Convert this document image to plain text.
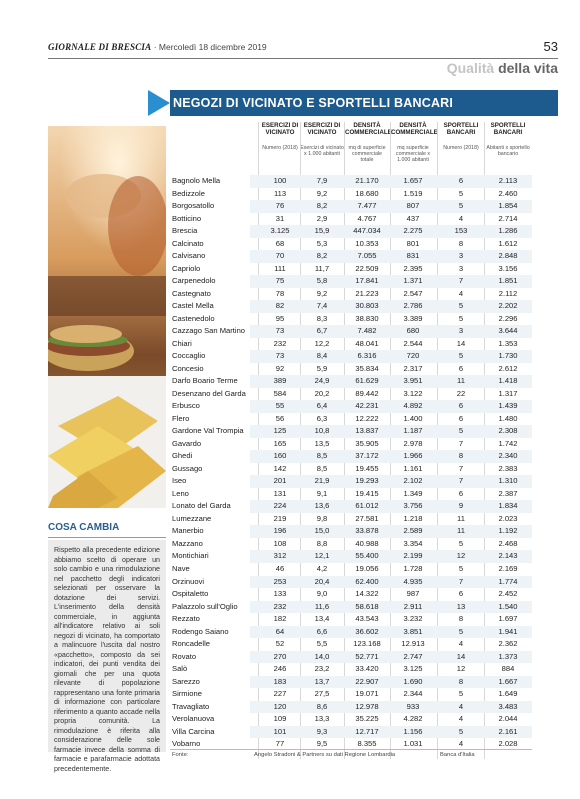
GIORNALE DI BRESCIA · Mercoledì 18 dicembre 2019	53
Qualità della vita
NEGOZI DI VICINATO E SPORTELLI BANCARI
COSA CAMBIA
Rispetto alla precedente edizione abbiamo scelto di operare un solo cambio e una rimodulazione nel pacchetto degli indicatori selezionati per osservare la dotazione dei servizi. L'inserimento della densità commerciale, in aggiunta all'indicatore relativo ai soli negozi di vicinato, ha comportato a malincuore l'uscita dal nostro «pacchetto», composto da sei indicatori, dei punti vendita dei giornali che per una quota rilevante di popolazione rappresentano una fonte primaria di informazione con particolare riferimento a quanto accade nella propria comunità. La rimodulazione è riferita alla considerazione delle sole farmacie invece della somma di farmacie e parafarmacie adottata precedentemente.
ESERCIZI DI VICINATO
Numero (2018)
ESERCIZI DI VICINATO
Esercizi di vicinato x 1.000 abitanti
DENSITÀ COMMERCIALE
mq di superficie commerciale totale
DENSITÀ COMMERCIALE
mq superficie commerciale x 1.000 abitanti
SPORTELLI BANCARI
Numero (2018)
SPORTELLI BANCARI
Abitanti x sportello bancario
Bagnolo Mella	100	7,9	21.170	1.657	6	2.113
Bedizzole	113	9,2	18.680	1.519	5	2.460
Borgosatollo	76	8,2	7.477	807	5	1.854
Botticino	31	2,9	4.767	437	4	2.714
Brescia	3.125	15,9	447.034	2.275	153	1.286
Calcinato	68	5,3	10.353	801	8	1.612
Calvisano	70	8,2	7.055	831	3	2.848
Capriolo	111	11,7	22.509	2.395	3	3.156
Carpenedolo	75	5,8	17.841	1.371	7	1.851
Castegnato	78	9,2	21.223	2.547	4	2.112
Castel Mella	82	7,4	30.803	2.786	5	2.202
Castenedolo	95	8,3	38.830	3.389	5	2.296
Cazzago San Martino	73	6,7	7.482	680	3	3.644
Chiari	232	12,2	48.041	2.544	14	1.353
Coccaglio	73	8,4	6.316	720	5	1.730
Concesio	92	5,9	35.834	2.317	6	2.612
Darfo Boario Terme	389	24,9	61.629	3.951	11	1.418
Desenzano del Garda	584	20,2	89.442	3.122	22	1.317
Erbusco	55	6,4	42.231	4.892	6	1.439
Flero	56	6,3	12.222	1.400	6	1.480
Gardone Val Trompia	125	10,8	13.837	1.187	5	2.308
Gavardo	165	13,5	35.905	2.978	7	1.742
Ghedi	160	8,5	37.172	1.966	8	2.340
Gussago	142	8,5	19.455	1.161	7	2.383
Iseo	201	21,9	19.293	2.102	7	1.310
Leno	131	9,1	19.415	1.349	6	2.387
Lonato del Garda	224	13,6	61.012	3.756	9	1.834
Lumezzane	219	9,8	27.581	1.218	11	2.023
Manerbio	196	15,0	33.878	2.589	11	1.192
Mazzano	108	8,8	40.988	3.354	5	2.468
Montichiari	312	12,1	55.400	2.199	12	2.143
Nave	46	4,2	19.056	1.728	5	2.169
Orzinuovi	253	20,4	62.400	4.935	7	1.774
Ospitaletto	133	9,0	14.322	987	6	2.452
Palazzolo sull'Oglio	232	11,6	58.618	2.911	13	1.540
Rezzato	182	13,4	43.543	3.232	8	1.697
Rodengo Saiano	64	6,6	36.602	3.851	5	1.941
Roncadelle	52	5,5	123.168	12.913	4	2.362
Rovato	270	14,0	52.771	2.747	14	1.373
Salò	246	23,2	33.420	3.125	12	884
Sarezzo	183	13,7	22.907	1.690	8	1.667
Sirmione	227	27,5	19.071	2.344	5	1.649
Travagliato	120	8,6	12.978	933	4	3.483
Verolanuova	109	13,3	35.225	4.282	4	2.044
Villa Carcina	101	9,3	12.717	1.156	5	2.161
Vobarno	77	9,5	8.355	1.031	4	2.028
Fonte:	Angelo Stradoni & Partners su dati Regione Lombardia	Banca d'Italia
